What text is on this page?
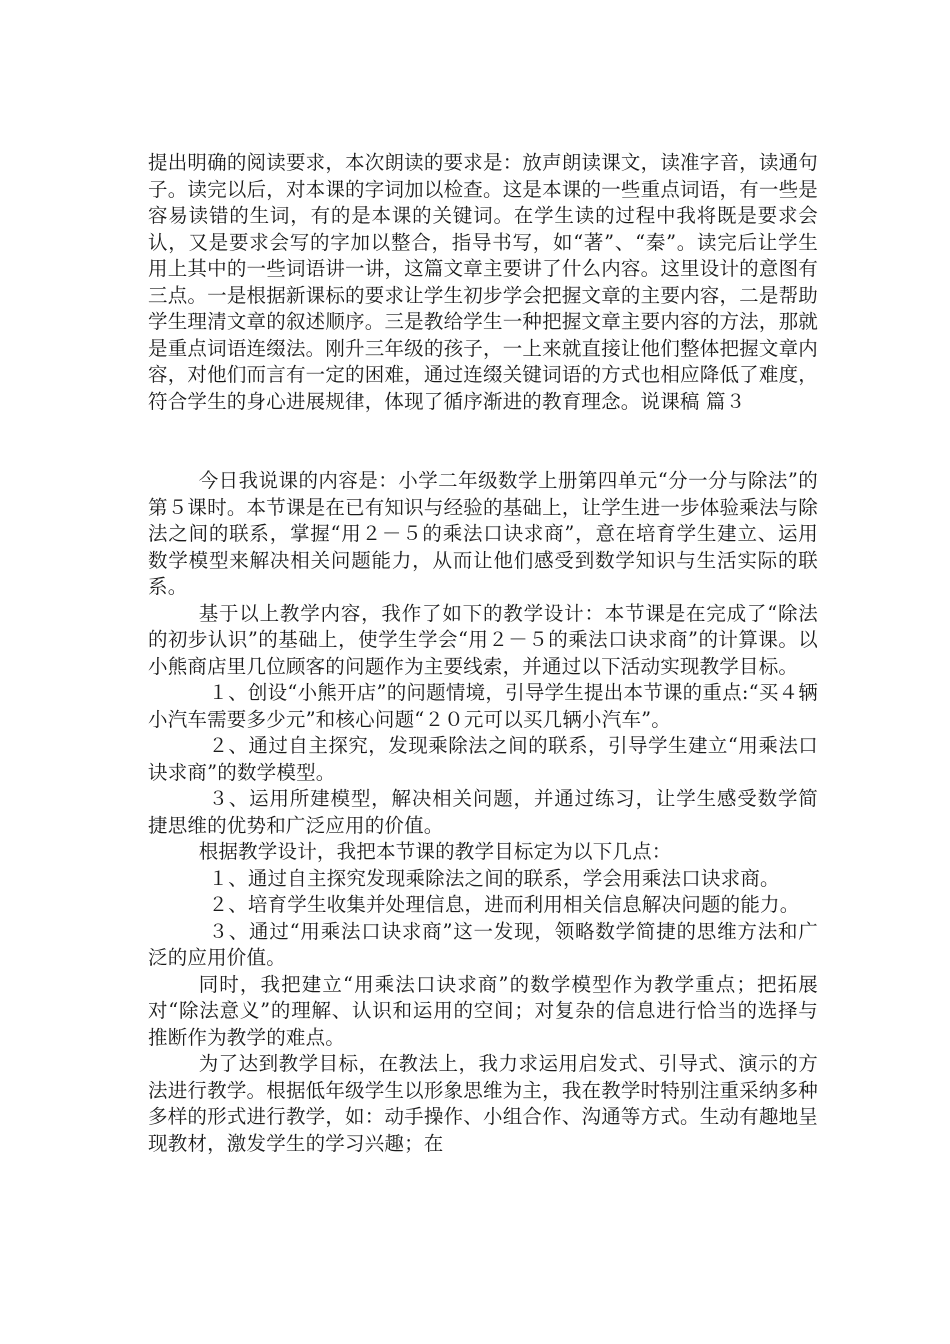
提出明确的阅读要求，本次朗读的要求是：放声朗读课文，读准字音，读通句子。读完以后，对本课的字词加以检查。这是本课的一些重点词语，有一些是容易读错的生词，有的是本课的关键词。在学生读的过程中我将既是要求会认，又是要求会写的字加以整合，指导书写，如“著”、“秦”。读完后让学生用上其中的一些词语讲一讲，这篇文章主要讲了什么内容。这里设计的意图有三点。一是根据新课标的要求让学生初步学会把握文章的主要内容，二是帮助学生理清文章的叙述顺序。三是教给学生一种把握文章主要内容的方法，那就是重点词语连缀法。刚升三年级的孩子，一上来就直接让他们整体把握文章内容，对他们而言有一定的困难，通过连缀关键词语的方式也相应降低了难度，符合学生的身心进展规律，体现了循序渐进的教育理念。说课稿 篇３

今日我说课的内容是：小学二年级数学上册第四单元“分一分与除法”的第５课时。本节课是在已有知识与经验的基础上，让学生进一步体验乘法与除法之间的联系，掌握“用２－５的乘法口诀求商”，意在培育学生建立、运用数学模型来解决相关问题能力，从而让他们感受到数学知识与生活实际的联系。

基于以上教学内容，我作了如下的教学设计：本节课是在完成了“除法的初步认识”的基础上，使学生学会“用２－５的乘法口诀求商”的计算课。以小熊商店里几位顾客的问题作为主要线索，并通过以下活动实现教学目标。

１、创设“小熊开店”的问题情境，引导学生提出本节课的重点:“买４辆小汽车需要多少元”和核心问题“２０元可以买几辆小汽车”。

２、通过自主探究，发现乘除法之间的联系，引导学生建立“用乘法口诀求商”的数学模型。

３、运用所建模型，解决相关问题，并通过练习，让学生感受数学简捷思维的优势和广泛应用的价值。

根据教学设计，我把本节课的教学目标定为以下几点：

１、通过自主探究发现乘除法之间的联系，学会用乘法口诀求商。

２、培育学生收集并处理信息，进而利用相关信息解决问题的能力。

３、通过“用乘法口诀求商”这一发现，领略数学简捷的思维方法和广泛的应用价值。

同时，我把建立“用乘法口诀求商”的数学模型作为教学重点；把拓展对“除法意义”的理解、认识和运用的空间；对复杂的信息进行恰当的选择与推断作为教学的难点。

为了达到教学目标，在教法上，我力求运用启发式、引导式、演示的方法进行教学。根据低年级学生以形象思维为主，我在教学时特别注重采纳多种多样的形式进行教学，如：动手操作、小组合作、沟通等方式。生动有趣地呈现教材，激发学生的学习兴趣；在
